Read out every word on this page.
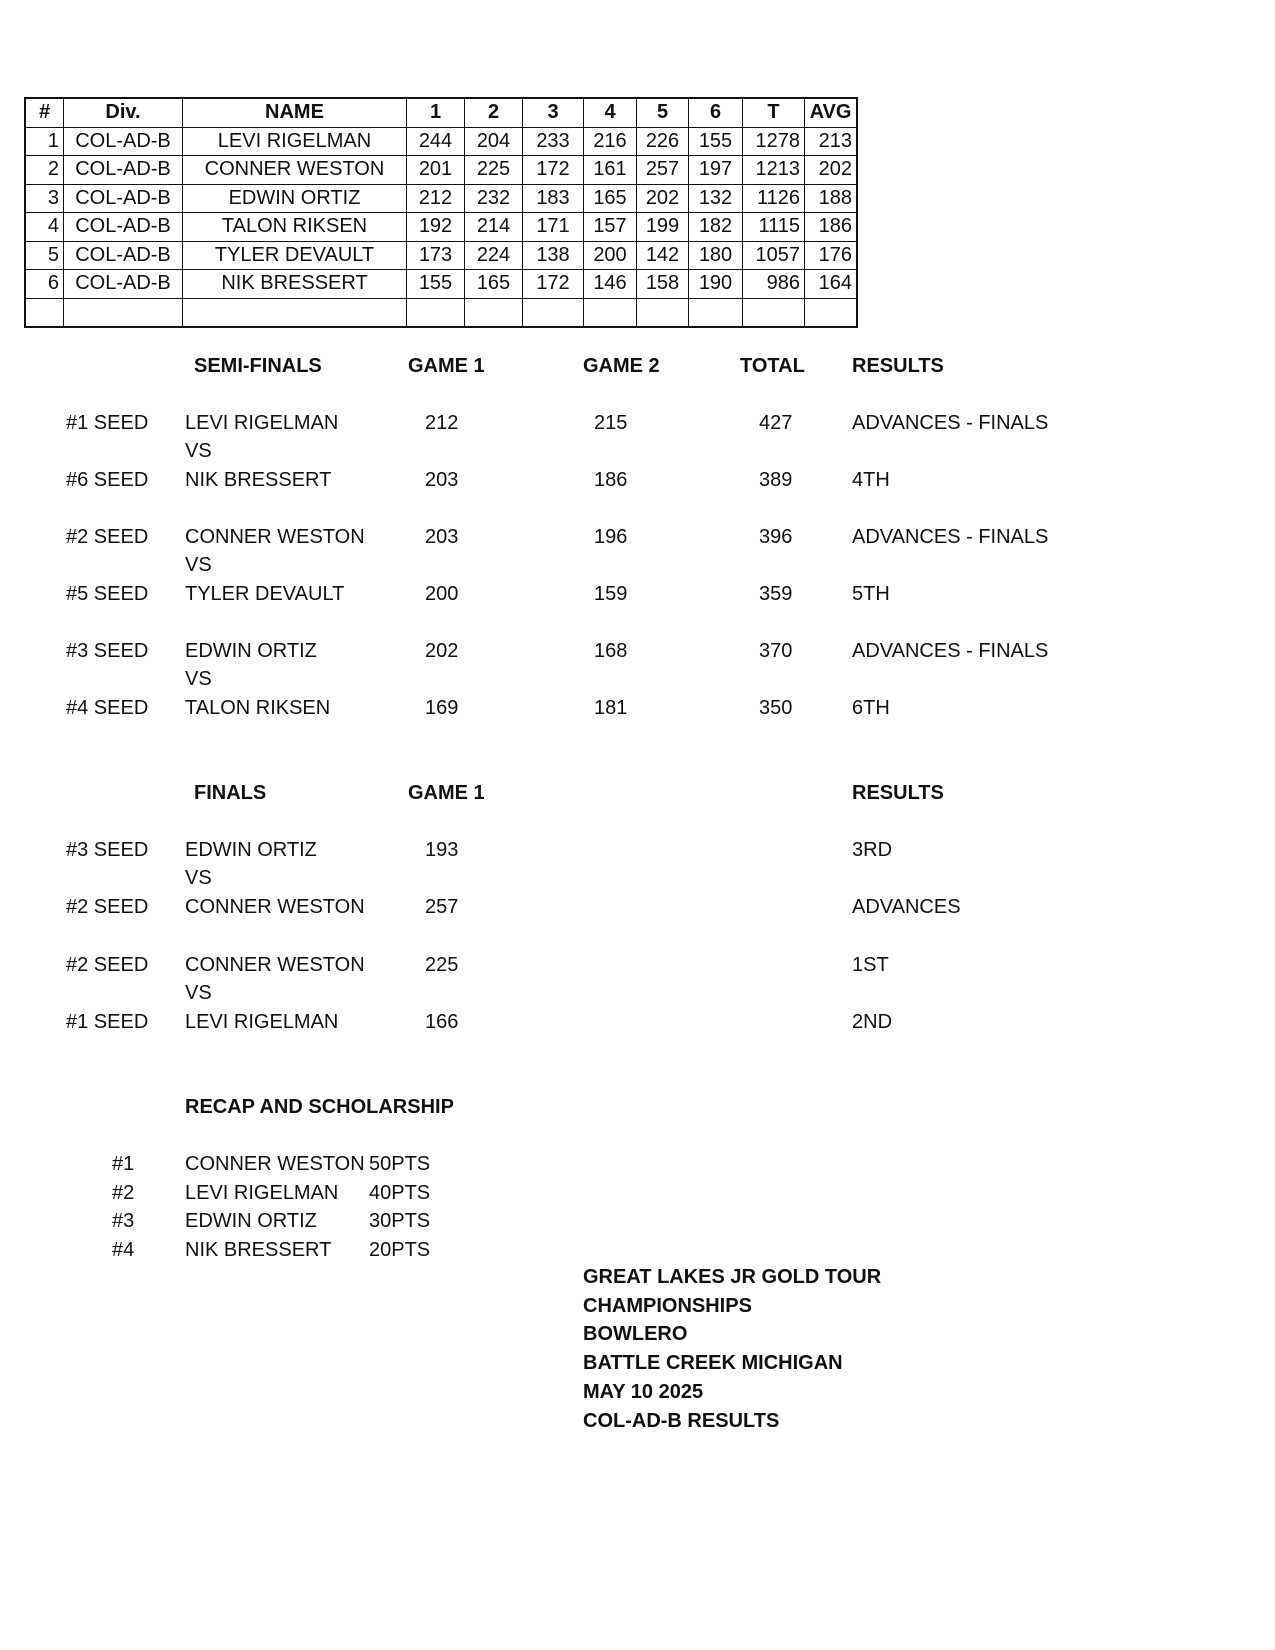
#	Div.	NAME	1	2	3	4	5	6	T	AVG
1	COL-AD-B	LEVI RIGELMAN	244	204	233	216	226	155	1278	213
2	COL-AD-B	CONNER WESTON	201	225	172	161	257	197	1213	202
3	COL-AD-B	EDWIN ORTIZ	212	232	183	165	202	132	1126	188
4	COL-AD-B	TALON RIKSEN	192	214	171	157	199	182	1115	186
5	COL-AD-B	TYLER DEVAULT	173	224	138	200	142	180	1057	176
6	COL-AD-B	NIK BRESSERT	155	165	172	146	158	190	986	164

SEMI-FINALS	GAME 1	GAME 2	TOTAL RESULTS
#1 SEED LEVI RIGELMAN	212	215	427	ADVANCES - FINALS
#6 SEED NIK BRESSERT	203	186	389	4TH
VS
#2 SEED CONNER WESTON	203	196	396	ADVANCES - FINALS
#5 SEED TYLER DEVAULT	200	159	359	5TH
VS
#3 SEED EDWIN ORTIZ	202	168	370	ADVANCES - FINALS
#4 SEED TALON RIKSEN	169	181	350	6TH
VS
FINALS	GAME 1	RESULTS
#3 SEED EDWIN ORTIZ	193	3RD
#2 SEED CONNER WESTON	257	ADVANCES
VS
#2 SEED CONNER WESTON	225	1ST
#1 SEED LEVI RIGELMAN	166	2ND
VS
RECAP AND SCHOLARSHIP
#1	CONNER WESTON 50PTS
#2	LEVI RIGELMAN 40PTS
#3	EDWIN ORTIZ	30PTS
#4	NIK BRESSERT 20PTS
GREAT LAKES JR GOLD TOUR
CHAMPIONSHIPS
BOWLERO
BATTLE CREEK MICHIGAN
MAY 10 2025
COL-AD-B RESULTS
